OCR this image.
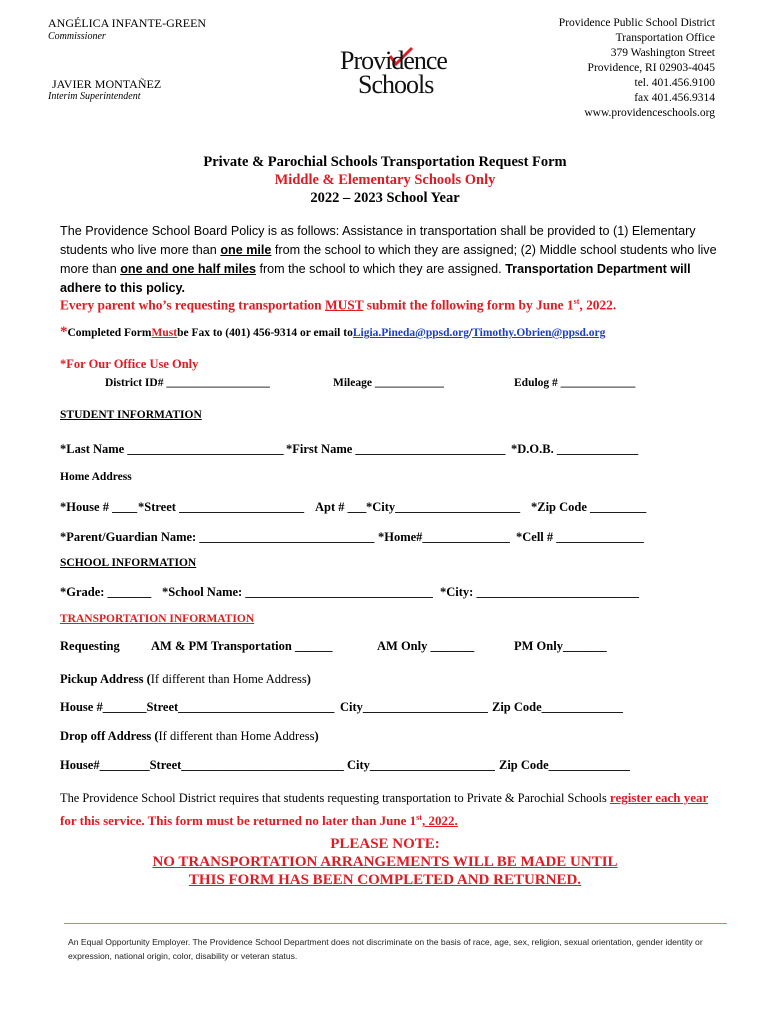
ANGÉLICA INFANTE-GREEN
Commissioner
JAVIER MONTAÑEZ
Interim Superintendent
Providence
Schools
Providence Public School District
Transportation Office
379 Washington Street
Providence, RI 02903-4045
tel. 401.456.9100
fax 401.456.9314
www.providenceschools.org
Private & Parochial Schools Transportation Request Form
Middle & Elementary Schools Only
2022 – 2023 School Year
The Providence School Board Policy is as follows: Assistance in transportation shall be provided to (1) Elementary students who live more than one mile from the school to which they are assigned; (2) Middle school students who live more than one and one half miles from the school to which they are assigned. Transportation Department will adhere to this policy.
Every parent who’s requesting transportation MUST submit the following form by June 1st, 2022.
*Completed FormMustbe Fax to (401) 456-9314 or email toLigia.Pineda@ppsd.org/Timothy.Obrien@ppsd.org
*For Our Office Use Only
District ID# __________________	Mileage ____________	Edulog # _____________
STUDENT INFORMATION
*Last Name _________________________ *First Name ________________________ *D.O.B. _____________
Home Address
*House # ____ *Street ____________________ Apt # ___ *City____________________ *Zip Code _________
*Parent/Guardian Name: ____________________________ *Home#______________ *Cell # ______________
SCHOOL INFORMATION
*Grade: _______ *School Name: ______________________________ *City: __________________________
TRANSPORTATION INFORMATION
Requesting	AM & PM Transportation ______	AM Only _______	PM Only_______
Pickup Address (If different than Home Address)
House #_______Street_________________________ City____________________ Zip Code_____________
Drop off Address (If different than Home Address)
House#________Street__________________________ City____________________ Zip Code_____________
The Providence School District requires that students requesting transportation to Private & Parochial Schools register each year for this service. This form must be returned no later than June 1st, 2022.
PLEASE NOTE:
NO TRANSPORTATION ARRANGEMENTS WILL BE MADE UNTIL
THIS FORM HAS BEEN COMPLETED AND RETURNED.
An Equal Opportunity Employer. The Providence School Department does not discriminate on the basis of race, age, sex, religion, sexual orientation, gender identity or expression, national origin, color, disability or veteran status.
